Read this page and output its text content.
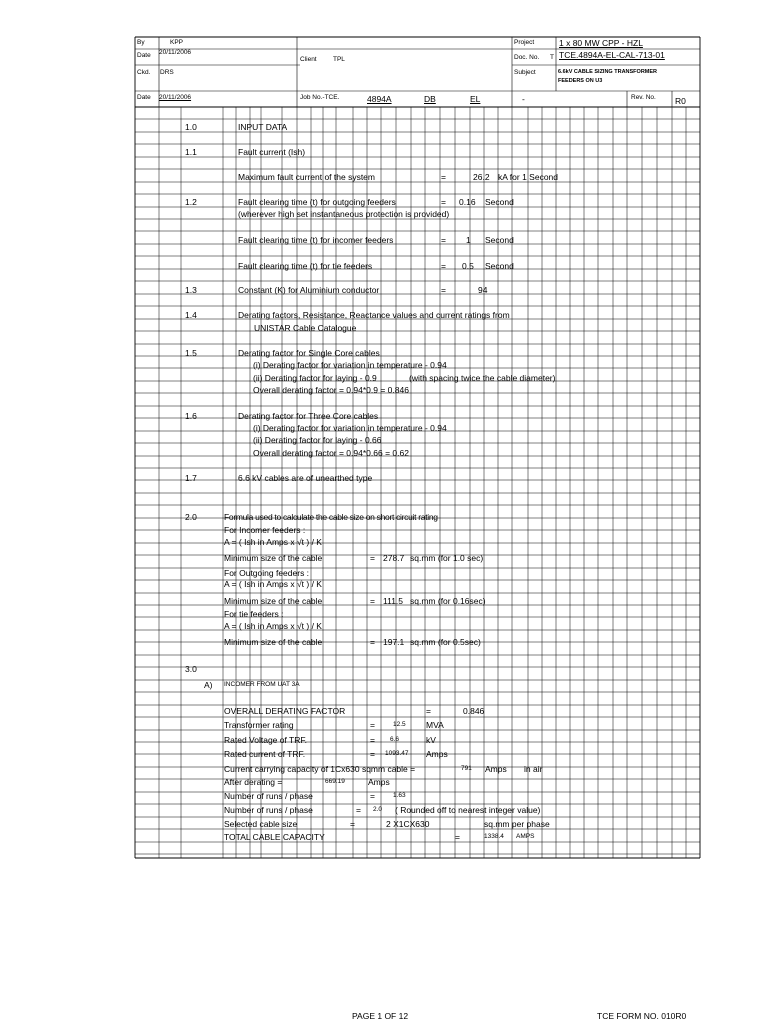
By	KPP
Date 20/11/2006
Ckd. DRS
Date 20/11/2006
Client	TPL
Job No.-TCE.	4894A	DB	EL	-
Project	1 x 80 MW CPP - HZL
Doc. No. T TCE.4894A-EL-CAL-713-01
Subject	6.6kV CABLE SIZING TRANSFORMER
FEEDERS ON U3
Rev. No. R0
1.0	INPUT DATA
1.1	Fault current (Ish)
Maximum fault current of the system	=	26.2 kA for 1 Second
1.2	Fault clearing time (t) for outgoing feeders	= 0.16 Second
(wherever high set instantaneous protection is provided)
Fault clearing time (t) for incomer feeders	= 1 Second
Fault clearing time (t) for tie feeders	= 0.5 Second
1.3	Constant (K) for Aluminium conductor	=	94
1.4	Derating factors, Resistance, Reactance values and current ratings from
UNISTAR Cable Catalogue
1.5	Derating factor for Single Core cables
(i) Derating factor for variation in temperature - 0.94
(ii) Derating factor for laying - 0.9	(with spacing twice the cable diameter)
Overall derating factor = 0.94*0.9 = 0.846
1.6	Derating factor for Three Core cables
(i) Derating factor for variation in temperature - 0.94
(ii) Derating factor for laying - 0.66
Overall derating factor = 0.94*0.66 = 0.62
1.7	6.6 kV cables are of unearthed type
2.0	Formula used to calculate the cable size on short circuit rating
For Incomer feeders :
A = ( Ish in Amps x √t ) / K
Minimum size of the cable	= 278.7 sq.mm (for 1.0 sec)
For Outgoing feeders :
A = ( Ish in Amps x √t ) / K
Minimum size of the cable	= 111.5 sq.mm (for 0.16sec)
For tie feeders :
A = ( Ish in Amps x √t ) / K
Minimum size of the cable	= 197.1 sq.mm (for 0.5sec)
3.0
A) INCOMER FROM UAT 3A
OVERALL DERATING FACTOR	=	0.846
Transformer rating	=	12.5 MVA
Rated Voltage of TRF.	= 6.6	kV
Rated current of TRF.	= 1093.47 Amps
Current carrying capacity of 1Cx630 sqmm cable =	791 Amps in air
After derating =	669.19	Amps
Number of runs / phase	=	1.63
Number of runs / phase	= 2.0 ( Rounded off to nearest integer value)
Selected cable size	=	2 X1CX630	sq.mm per phase
TOTAL CABLE CAPACITY	=	1338.4 AMPS
PAGE 1 OF 12	TCE FORM NO. 010R0
